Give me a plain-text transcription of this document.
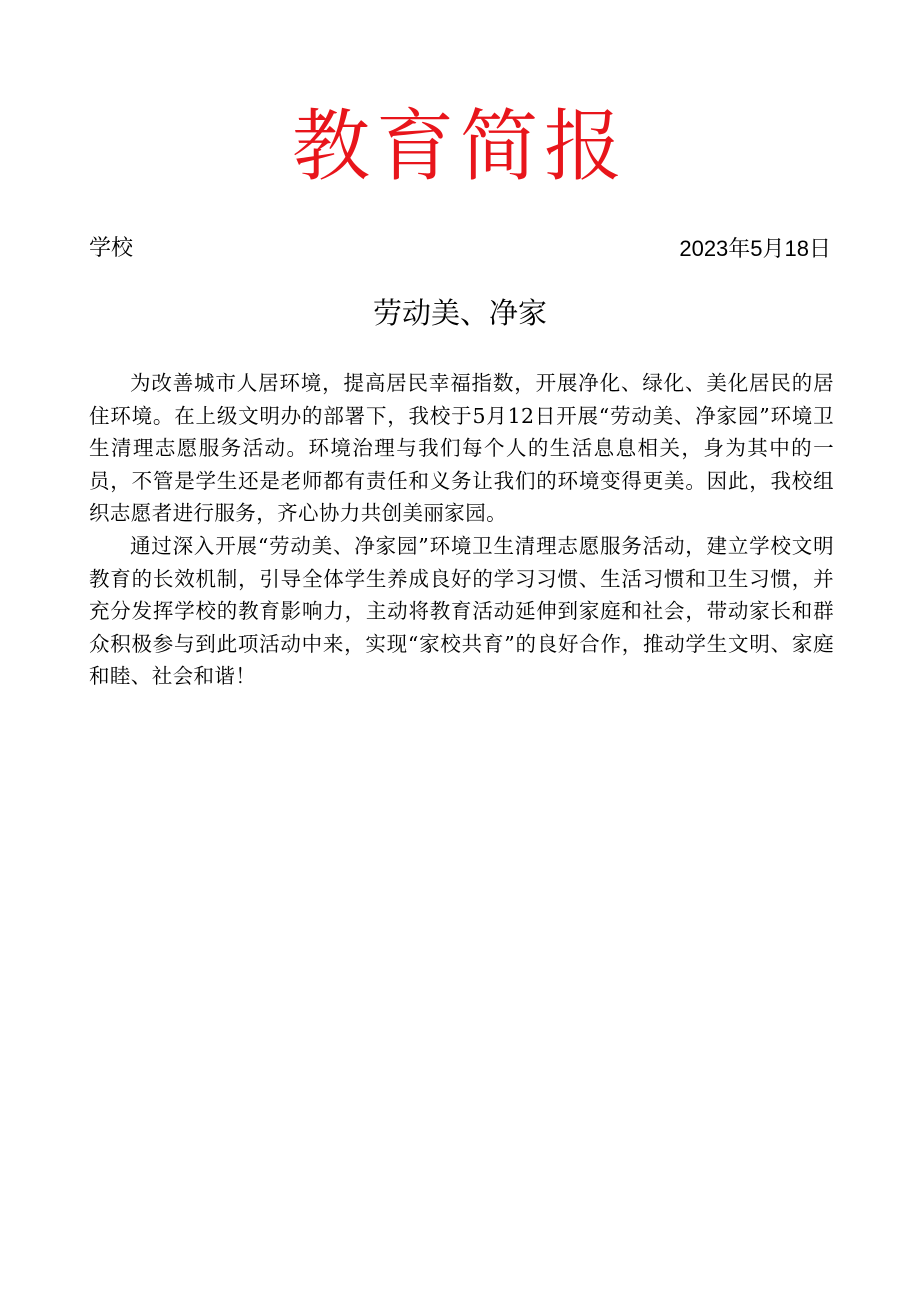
教育简报
学校	2023年5月18日
劳动美、净家

为改善城市人居环境，提高居民幸福指数，开展净化、绿化、美化居民的居住环境。在上级文明办的部署下，我校于5月12日开展“劳动美、净家园”环境卫生清理志愿服务活动。环境治理与我们每个人的生活息息相关，身为其中的一员，不管是学生还是老师都有责任和义务让我们的环境变得更美。因此，我校组织志愿者进行服务，齐心协力共创美丽家园。

通过深入开展“劳动美、净家园”环境卫生清理志愿服务活动，建立学校文明教育的长效机制，引导全体学生养成良好的学习习惯、生活习惯和卫生习惯，并充分发挥学校的教育影响力，主动将教育活动延伸到家庭和社会，带动家长和群众积极参与到此项活动中来，实现“家校共育”的良好合作，推动学生文明、家庭和睦、社会和谐！
